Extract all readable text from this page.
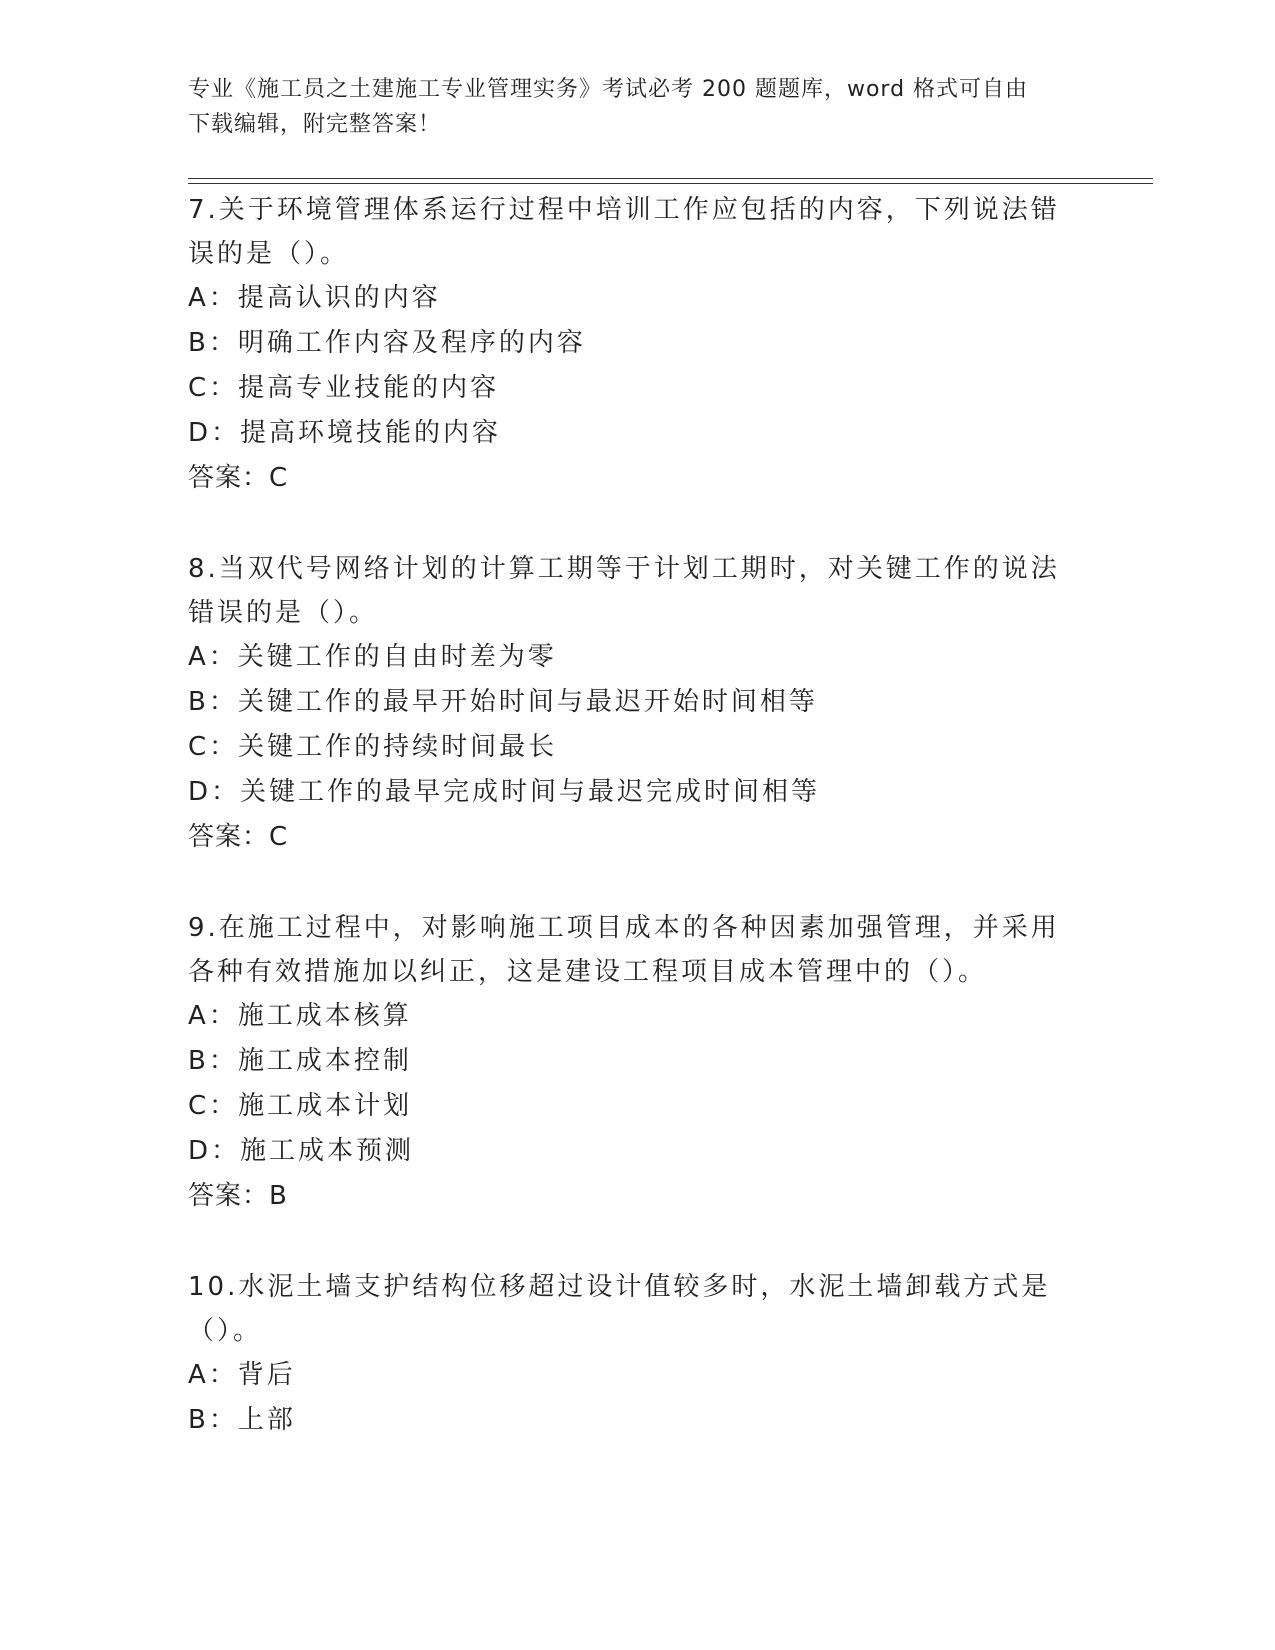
专业《施工员之土建施工专业管理实务》考试必考 200 题题库，word 格式可自由
下载编辑，附完整答案！
7.关于环境管理体系运行过程中培训工作应包括的内容，下列说法错误的是（）。
A：提高认识的内容
B：明确工作内容及程序的内容
C：提高专业技能的内容
D：提高环境技能的内容
答案：C
8.当双代号网络计划的计算工期等于计划工期时，对关键工作的说法错误的是（）。
A：关键工作的自由时差为零
B：关键工作的最早开始时间与最迟开始时间相等
C：关键工作的持续时间最长
D：关键工作的最早完成时间与最迟完成时间相等
答案：C
9.在施工过程中，对影响施工项目成本的各种因素加强管理，并采用各种有效措施加以纠正，这是建设工程项目成本管理中的（）。
A：施工成本核算
B：施工成本控制
C：施工成本计划
D：施工成本预测
答案：B
10.水泥土墙支护结构位移超过设计值较多时，水泥土墙卸载方式是（）。
A：背后
B：上部
